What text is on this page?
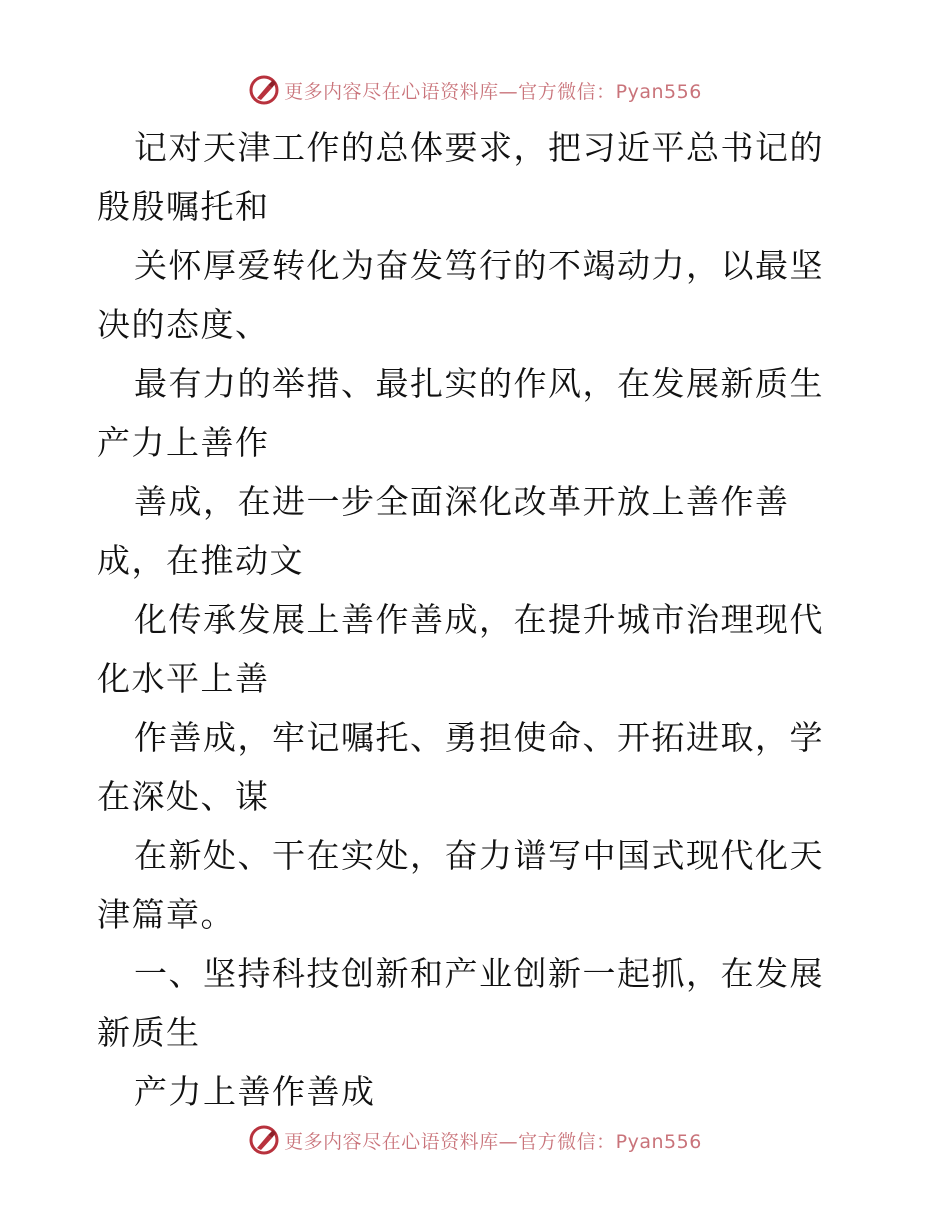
更多内容尽在心语资料库—官方微信：Pyan556

记对天津工作的总体要求，把习近平总书记的殷殷嘱托和

关怀厚爱转化为奋发笃行的不竭动力，以最坚决的态度、

最有力的举措、最扎实的作风，在发展新质生产力上善作

善成，在进一步全面深化改革开放上善作善成，在推动文

化传承发展上善作善成，在提升城市治理现代化水平上善

作善成，牢记嘱托、勇担使命、开拓进取，学在深处、谋

在新处、干在实处，奋力谱写中国式现代化天津篇章。

一、坚持科技创新和产业创新一起抓，在发展新质生

产力上善作善成

更多内容尽在心语资料库—官方微信：Pyan556
